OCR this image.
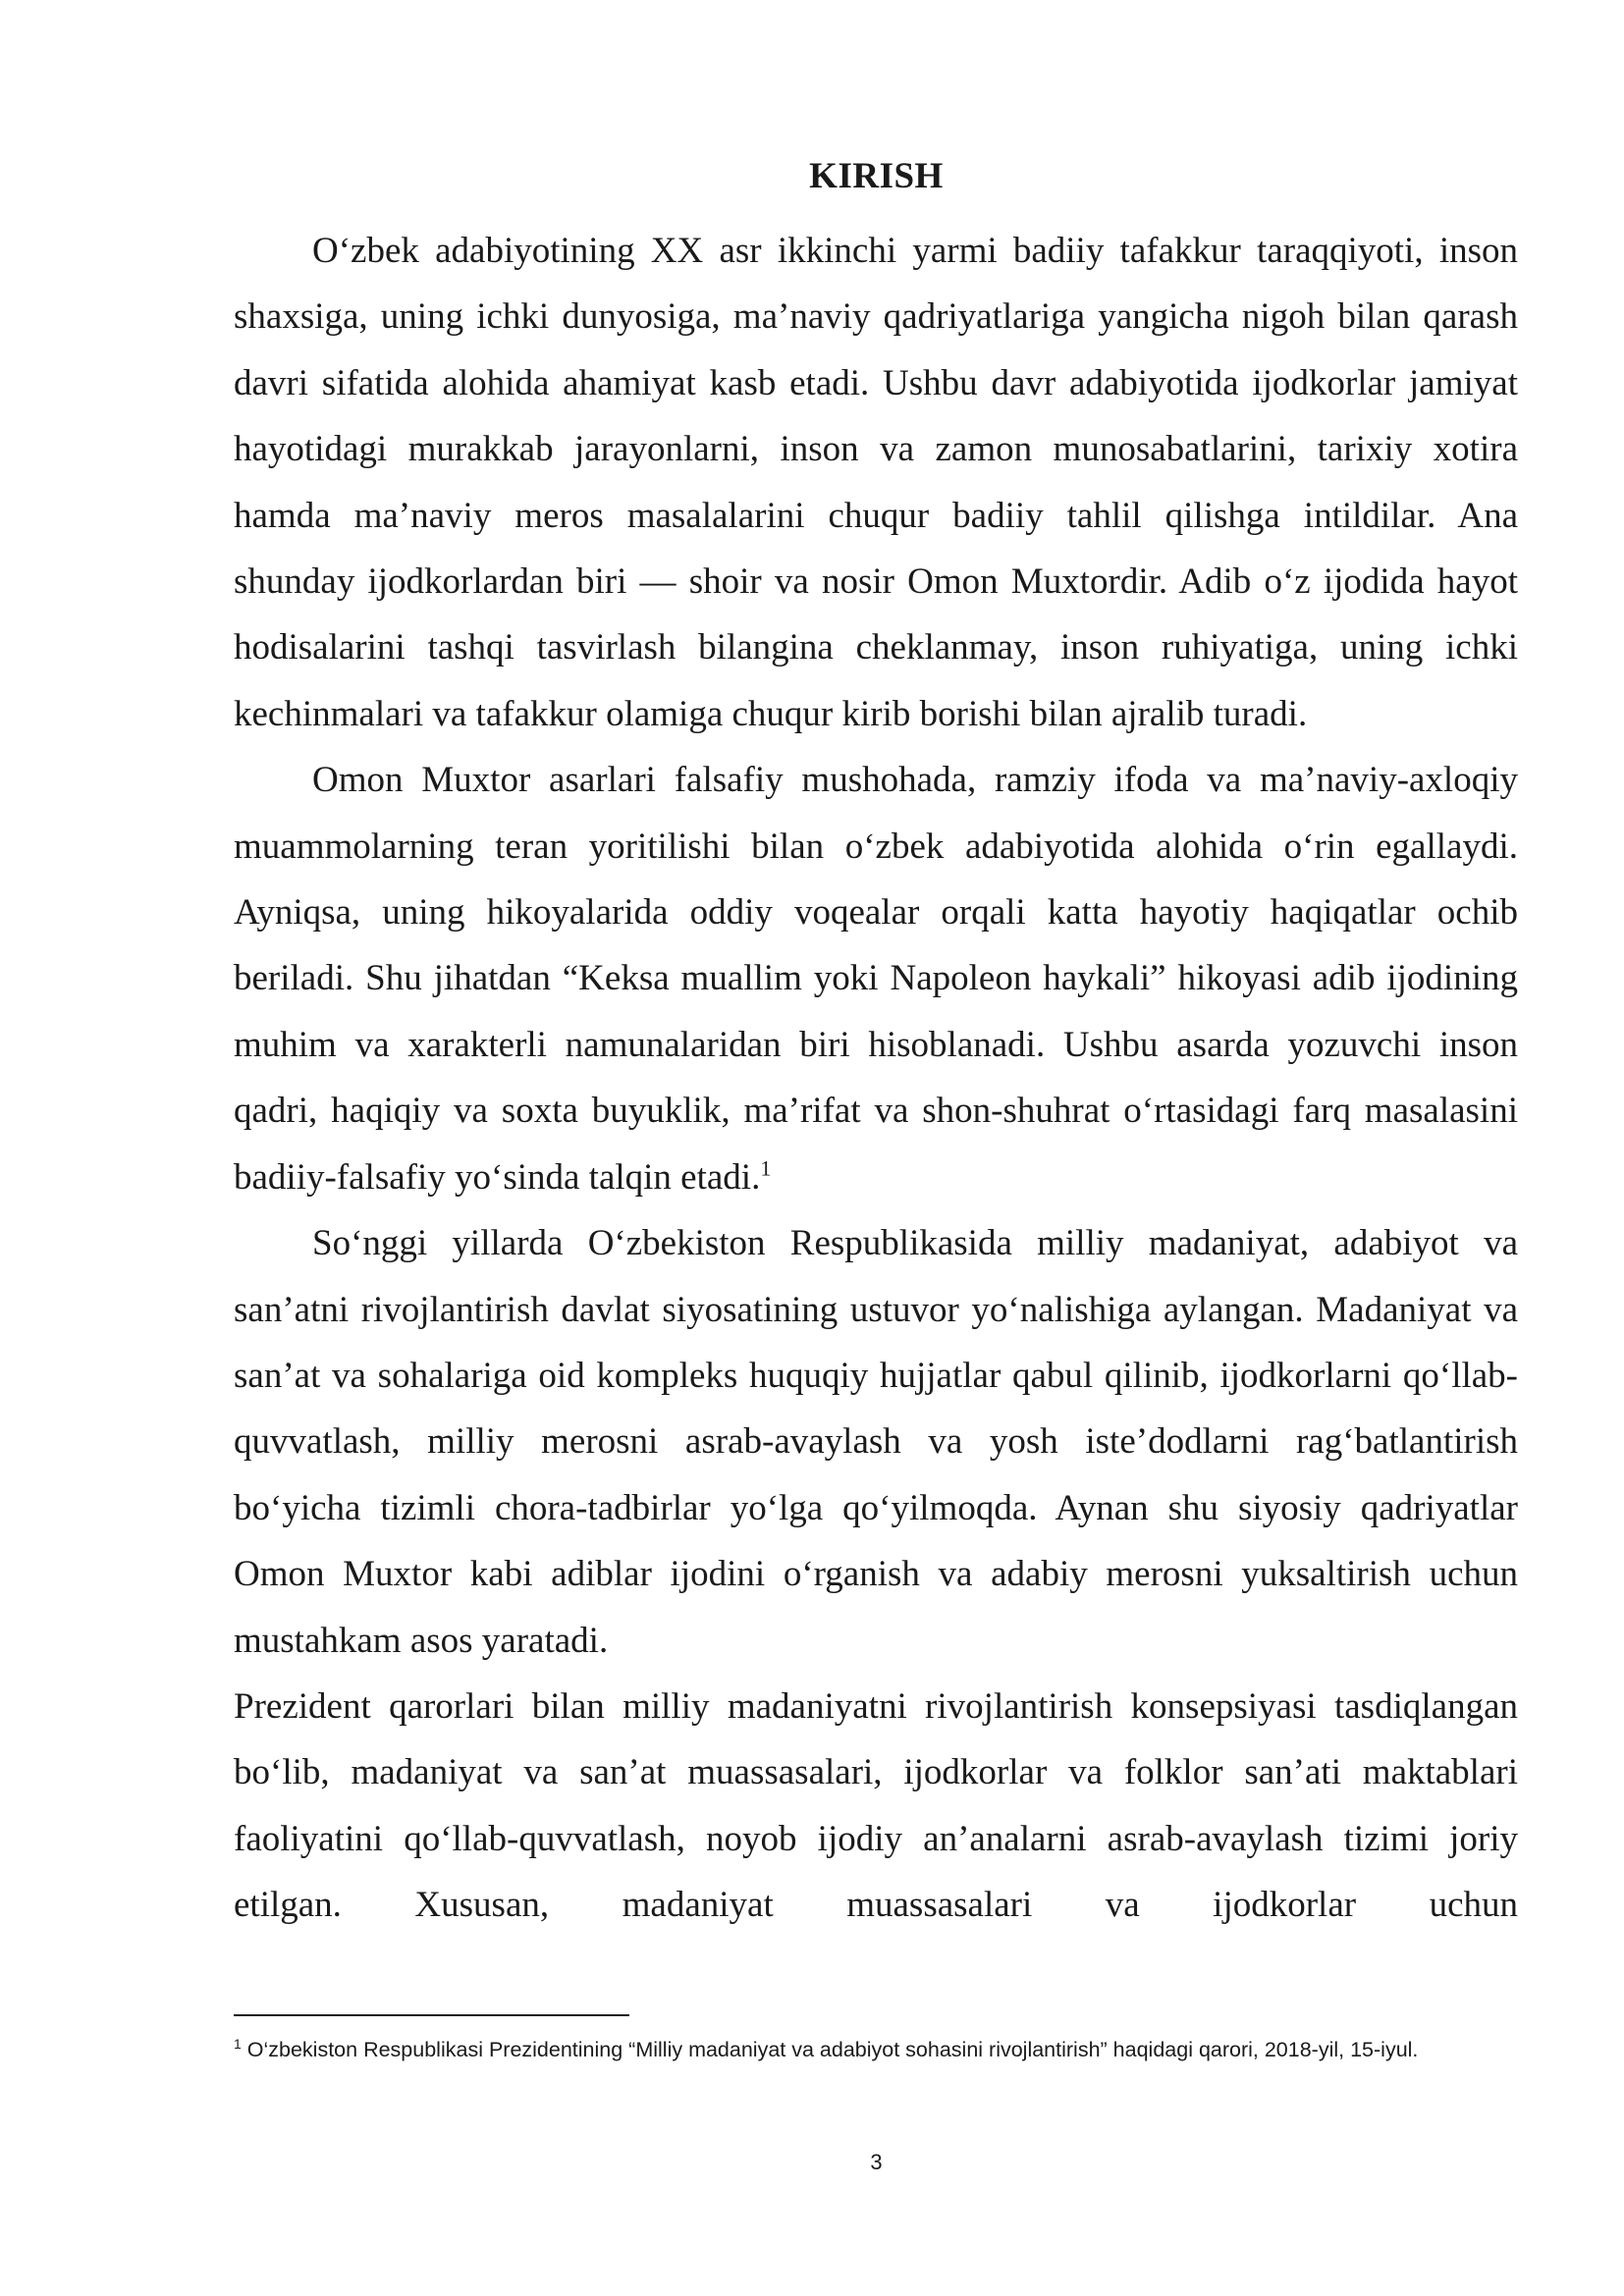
KIRISH

O‘zbek adabiyotining XX asr ikkinchi yarmi badiiy tafakkur taraqqiyoti, inson shaxsiga, uning ichki dunyosiga, ma’naviy qadriyatlariga yangicha nigoh bilan qarash davri sifatida alohida ahamiyat kasb etadi. Ushbu davr adabiyotida ijodkorlar jamiyat hayotidagi murakkab jarayonlarni, inson va zamon munosabatlarini, tarixiy xotira hamda ma’naviy meros masalalarini chuqur badiiy tahlil qilishga intildilar. Ana shunday ijodkorlardan biri — shoir va nosir Omon Muxtordir. Adib o‘z ijodida hayot hodisalarini tashqi tasvirlash bilangina cheklanmay, inson ruhiyatiga, uning ichki kechinmalari va tafakkur olamiga chuqur kirib borishi bilan ajralib turadi.

Omon Muxtor asarlari falsafiy mushohada, ramziy ifoda va ma’naviy-axloqiy muammolarning teran yoritilishi bilan o‘zbek adabiyotida alohida o‘rin egallaydi. Ayniqsa, uning hikoyalarida oddiy voqealar orqali katta hayotiy haqiqatlar ochib beriladi. Shu jihatdan “Keksa muallim yoki Napoleon haykali” hikoyasi adib ijodining muhim va xarakterli namunalaridan biri hisoblanadi. Ushbu asarda yozuvchi inson qadri, haqiqiy va soxta buyuklik, ma’rifat va shon-shuhrat o‘rtasidagi farq masalasini badiiy-falsafiy yo‘sinda talqin etadi.$^1$

So‘nggi yillarda O‘zbekiston Respublikasida milliy madaniyat, adabiyot va san’atni rivojlantirish davlat siyosatining ustuvor yo‘nalishiga aylangan. Madaniyat va san’at va sohalariga oid kompleks huquqiy hujjatlar qabul qilinib, ijodkorlarni qo‘llab-quvvatlash, milliy merosni asrab-avaylash va yosh iste’dodlarni rag‘batlantirish bo‘yicha tizimli chora-tadbirlar yo‘lga qo‘yilmoqda. Aynan shu siyosiy qadriyatlar Omon Muxtor kabi adiblar ijodini o‘rganish va adabiy merosni yuksaltirish uchun mustahkam asos yaratadi.

Prezident qarorlari bilan milliy madaniyatni rivojlantirish konsepsiyasi tasdiqlangan bo‘lib, madaniyat va san’at muassasalari, ijodkorlar va folklor san’ati maktablari faoliyatini qo‘llab-quvvatlash, noyob ijodiy an’analarni asrab-avaylash tizimi joriy etilgan. Xususan, madaniyat muassasalari va ijodkorlar uchun

$^1$ O‘zbekiston Respublikasi Prezidentining “Milliy madaniyat va adabiyot sohasini rivojlantirish” haqidagi qarori, 2018-yil, 15-iyul.
3
